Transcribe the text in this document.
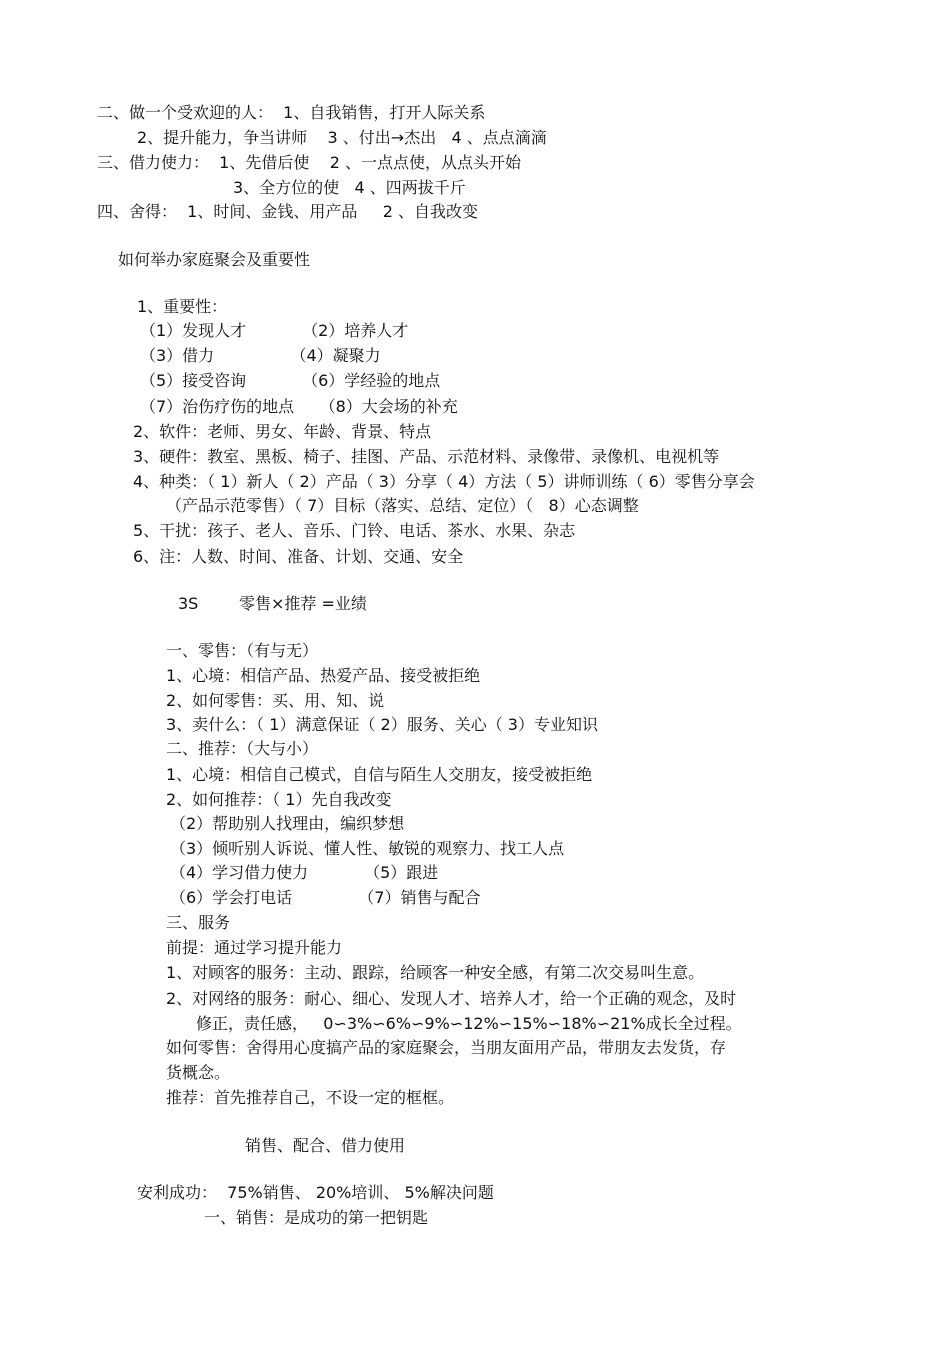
二、做一个受欢迎的人：  1、自我销售，打开人际关系
2、提升能力，争当讲师    3 、付出→杰出   4 、点点滴滴
三、借力使力：  1、先借后使    2 、一点点使，从点头开始
3、全方位的使   4 、四两拔千斤
四、舍得：  1、时间、金钱、用产品     2 、自我改变
如何举办家庭聚会及重要性
1、重要性：
（1）发现人才           （2）培养人才
（3）借力               （4）凝聚力
（5）接受咨询           （6）学经验的地点
（7）治伤疗伤的地点     （8）大会场的补充
2、软件：老师、男女、年龄、背景、特点
3、硬件：教室、黑板、椅子、挂图、产品、示范材料、录像带、录像机、电视机等
4、种类：（ 1）新人（ 2）产品（ 3）分享（ 4）方法（ 5）讲师训练（ 6）零售分享会
（产品示范零售）（ 7）目标（落实、总结、定位）（   8）心态调整
5、干扰：孩子、老人、音乐、门铃、电话、茶水、水果、杂志
6、注：人数、时间、准备、计划、交通、安全
3S        零售×推荐 =业绩
一、零售：（有与无）
1、心境：相信产品、热爱产品、接受被拒绝
2、如何零售：买、用、知、说
3、卖什么：（ 1）满意保证（ 2）服务、关心（ 3）专业知识
二、推荐：（大与小）
1、心境：相信自己模式，自信与陌生人交朋友，接受被拒绝
2、如何推荐：（ 1）先自我改变
（2）帮助别人找理由，编织梦想
（3）倾听别人诉说、懂人性、敏锐的观察力、找工人点
（4）学习借力使力           （5）跟进
（6）学会打电话             （7）销售与配合
三、服务
前提：通过学习提升能力
1、对顾客的服务：主动、跟踪，给顾客一种安全感，有第二次交易叫生意。
2、对网络的服务：耐心、细心、发现人才、培养人才，给一个正确的观念，及时
修正，责任感，   0∽3%∽6%∽9%∽12%∽15%∽18%∽21%成长全过程。
如何零售：舍得用心度搞产品的家庭聚会，当朋友面用产品，带朋友去发货，存
货概念。
推荐：首先推荐自己，不设一定的框框。
销售、配合、借力使用
安利成功：  75%销售、 20%培训、 5%解决问题
一、销售：是成功的第一把钥匙
